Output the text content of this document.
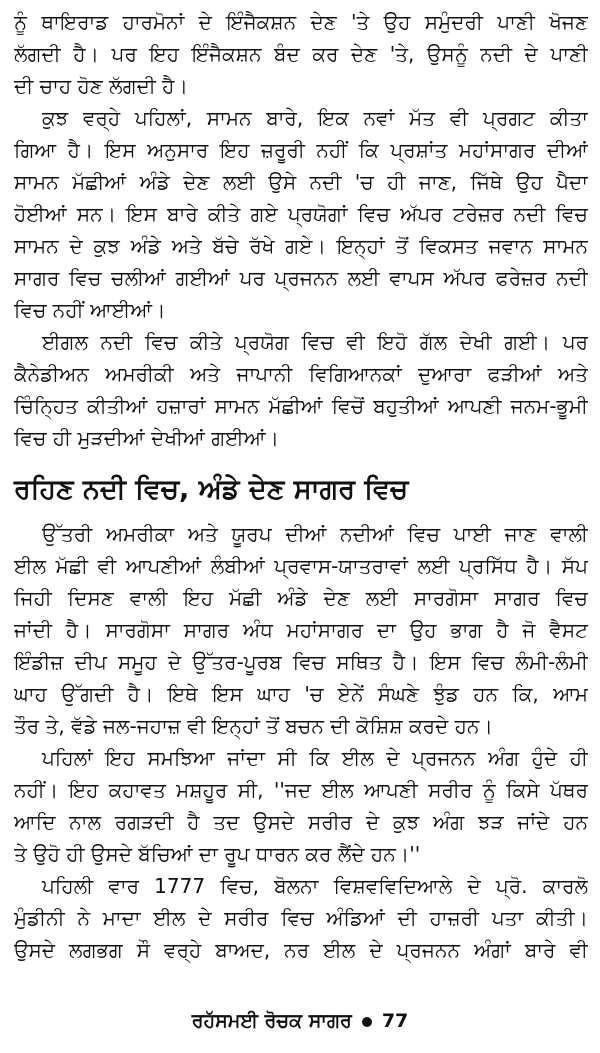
ਨੂੰ ਥਾਇਰਾਡ ਹਾਰਮੋਨਾਂ ਦੇ ਇੰਜੈਕਸ਼ਨ ਦੇਣ 'ਤੇ ਉਹ ਸਮੁੰਦਰੀ ਪਾਣੀ ਖੋਜਣ
ਲੱਗਦੀ ਹੈ। ਪਰ ਇਹ ਇੰਜੈਕਸ਼ਨ ਬੰਦ ਕਰ ਦੇਣ 'ਤੇ, ਉਸਨੂੰ ਨਦੀ ਦੇ ਪਾਣੀ
ਦੀ ਚਾਹ ਹੋਣ ਲੱਗਦੀ ਹੈ।
ਕੁਝ ਵਰ੍ਹੇ ਪਹਿਲਾਂ, ਸਾਮਨ ਬਾਰੇ, ਇਕ ਨਵਾਂ ਮੱਤ ਵੀ ਪ੍ਰਗਟ ਕੀਤਾ
ਗਿਆ ਹੈ। ਇਸ ਅਨੁਸਾਰ ਇਹ ਜ਼ਰੂਰੀ ਨਹੀਂ ਕਿ ਪ੍ਰਸ਼ਾਂਤ ਮਹਾਂਸਾਗਰ ਦੀਆਂ
ਸਾਮਨ ਮੱਛੀਆਂ ਅੰਡੇ ਦੇਣ ਲਈ ਉਸੇ ਨਦੀ 'ਚ ਹੀ ਜਾਣ, ਜਿੱਥੇ ਉਹ ਪੈਦਾ
ਹੋਈਆਂ ਸਨ। ਇਸ ਬਾਰੇ ਕੀਤੇ ਗਏ ਪ੍ਰਯੋਗਾਂ ਵਿਚ ਅੱਪਰ ਟਰੇਜ਼ਰ ਨਦੀ ਵਿਚ
ਸਾਮਨ ਦੇ ਕੁਝ ਅੰਡੇ ਅਤੇ ਬੱਚੇ ਰੱਖੇ ਗਏ। ਇਨ੍ਹਾਂ ਤੋਂ ਵਿਕਸਤ ਜਵਾਨ ਸਾਮਨ
ਸਾਗਰ ਵਿਚ ਚਲੀਆਂ ਗਈਆਂ ਪਰ ਪ੍ਰਜਨਨ ਲਈ ਵਾਪਸ ਅੱਪਰ ਫਰੇਜ਼ਰ ਨਦੀ
ਵਿਚ ਨਹੀਂ ਆਈਆਂ।
ਈਗਲ ਨਦੀ ਵਿਚ ਕੀਤੇ ਪ੍ਰਯੋਗ ਵਿਚ ਵੀ ਇਹੋ ਗੱਲ ਦੇਖੀ ਗਈ। ਪਰ
ਕੈਨੇਡੀਅਨ ਅਮਰੀਕੀ ਅਤੇ ਜਾਪਾਨੀ ਵਿਗਿਆਨਕਾਂ ਦੁਆਰਾ ਫੜੀਆਂ ਅਤੇ
ਚਿੰਨ੍ਹਿਤ ਕੀਤੀਆਂ ਹਜ਼ਾਰਾਂ ਸਾਮਨ ਮੱਛੀਆਂ ਵਿਚੋਂ ਬਹੁਤੀਆਂ ਆਪਣੀ ਜਨਮ-ਭੂਮੀ
ਵਿਚ ਹੀ ਮੁੜਦੀਆਂ ਦੇਖੀਆਂ ਗਈਆਂ।
ਰਹਿਣ ਨਦੀ ਵਿਚ, ਅੰਡੇ ਦੇਣ ਸਾਗਰ ਵਿਚ
ਉੱਤਰੀ ਅਮਰੀਕਾ ਅਤੇ ਯੂਰਪ ਦੀਆਂ ਨਦੀਆਂ ਵਿਚ ਪਾਈ ਜਾਣ ਵਾਲੀ
ਈਲ ਮੱਛੀ ਵੀ ਆਪਣੀਆਂ ਲੰਬੀਆਂ ਪ੍ਰਵਾਸ-ਯਾਤਰਾਵਾਂ ਲਈ ਪ੍ਰਸਿੱਧ ਹੈ। ਸੱਪ
ਜਿਹੀ ਦਿਸਣ ਵਾਲੀ ਇਹ ਮੱਛੀ ਅੰਡੇ ਦੇਣ ਲਈ ਸਾਰਗੋਸਾ ਸਾਗਰ ਵਿਚ
ਜਾਂਦੀ ਹੈ। ਸਾਰਗੋਸਾ ਸਾਗਰ ਅੰਧ ਮਹਾਂਸਾਗਰ ਦਾ ਉਹ ਭਾਗ ਹੈ ਜੋ ਵੈਸਟ
ਇੰਡੀਜ਼ ਦੀਪ ਸਮੂਹ ਦੇ ਉੱਤਰ-ਪੂਰਬ ਵਿਚ ਸਥਿਤ ਹੈ। ਇਸ ਵਿਚ ਲੰਮੀ-ਲੰਮੀ
ਘਾਹ ਉੱਗਦੀ ਹੈ। ਇਥੇ ਇਸ ਘਾਹ 'ਚ ਏਨੇਂ ਸੰਘਣੇ ਝੁੰਡ ਹਨ ਕਿ, ਆਮ
ਤੌਰ ਤੇ, ਵੱਡੇ ਜਲ-ਜਹਾਜ਼ ਵੀ ਇਨ੍ਹਾਂ ਤੋਂ ਬਚਨ ਦੀ ਕੋਸ਼ਿਸ਼ ਕਰਦੇ ਹਨ।
ਪਹਿਲਾਂ ਇਹ ਸਮਝਿਆ ਜਾਂਦਾ ਸੀ ਕਿ ਈਲ ਦੇ ਪ੍ਰਜਨਨ ਅੰਗ ਹੁੰਦੇ ਹੀ
ਨਹੀਂ। ਇਹ ਕਹਾਵਤ ਮਸ਼ਹੂਰ ਸੀ, ''ਜਦ ਈਲ ਆਪਣੀ ਸਰੀਰ ਨੂੰ ਕਿਸੇ ਪੱਥਰ
ਆਦਿ ਨਾਲ ਰਗੜਦੀ ਹੈ ਤਦ ਉਸਦੇ ਸਰੀਰ ਦੇ ਕੁਝ ਅੰਗ ਝੜ ਜਾਂਦੇ ਹਨ
ਤੇ ਉਹੋ ਹੀ ਉਸਦੇ ਬੱਚਿਆਂ ਦਾ ਰੂਪ ਧਾਰਨ ਕਰ ਲੈਂਦੇ ਹਨ।''
ਪਹਿਲੀ ਵਾਰ 1777 ਵਿਚ, ਬੋਲਨਾ ਵਿਸ਼ਵਵਿਦਿਆਲੇ ਦੇ ਪ੍ਰੋ. ਕਾਰਲੋ
ਮੁੰਡੀਨੀ ਨੇ ਮਾਦਾ ਈਲ ਦੇ ਸਰੀਰ ਵਿਚ ਅੰਡਿਆਂ ਦੀ ਹਾਜ਼ਰੀ ਪਤਾ ਕੀਤੀ।
ਉਸਦੇ ਲਗਭਗ ਸੌ ਵਰ੍ਹੇ ਬਾਅਦ, ਨਰ ਈਲ ਦੇ ਪ੍ਰਜਨਨ ਅੰਗਾਂ ਬਾਰੇ ਵੀ
ਰਹੱਸਮਈ ਰੋਚਕ ਸਾਗਰ 77
